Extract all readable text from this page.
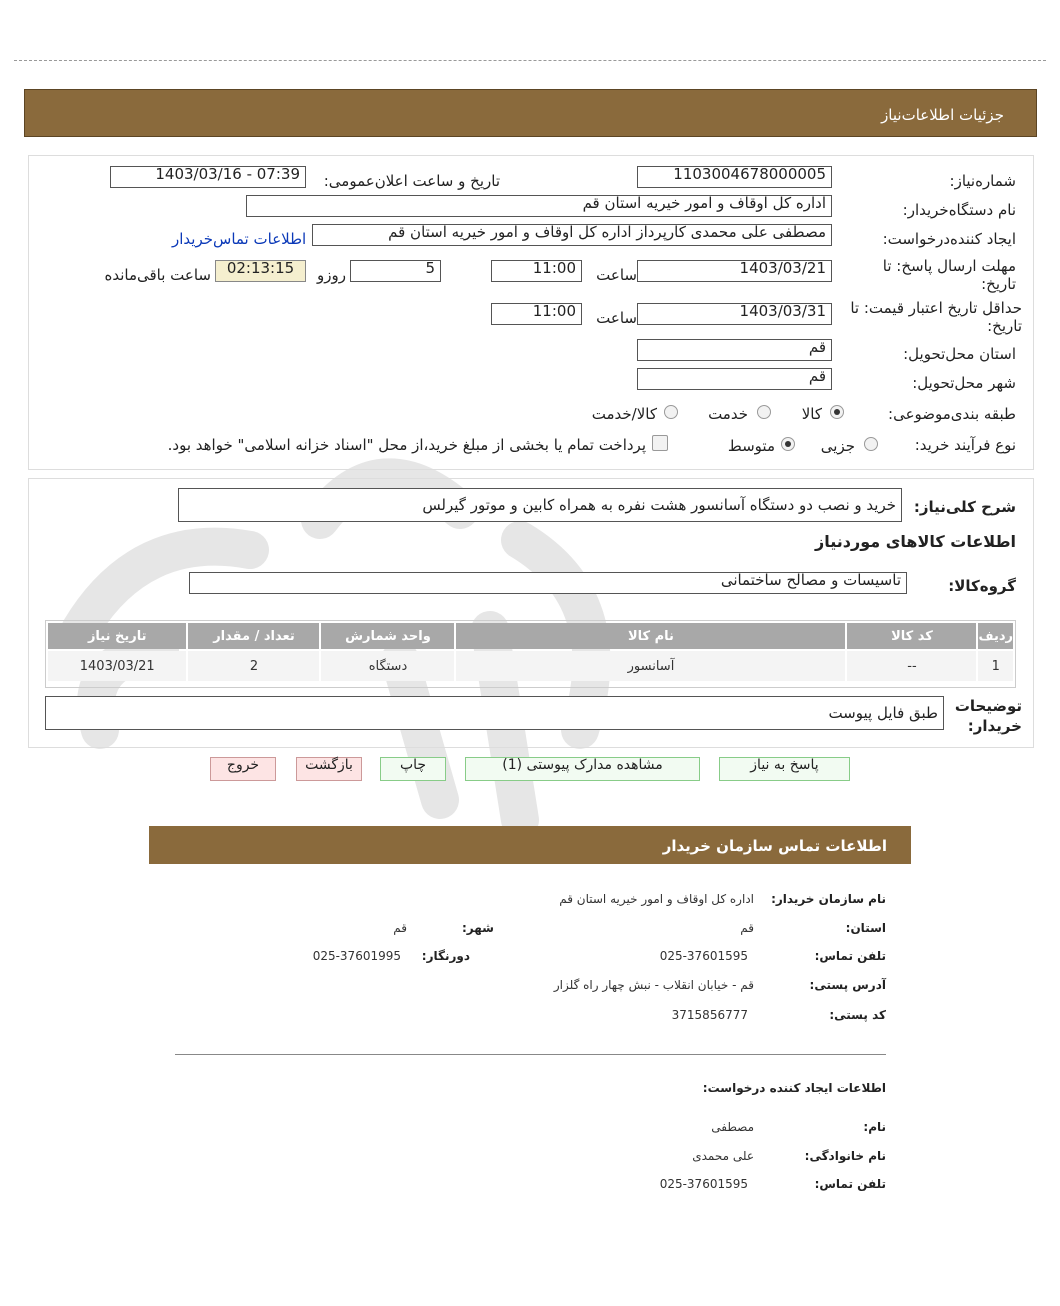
جزئیات اطلاعات‌نیاز
شماره‌نیاز:
1103004678000005
تاریخ و ساعت اعلان‌عمومی:
1403/03/16 - 07:39
نام دستگاه‌خریدار:
اداره کل اوقاف و امور خیریه استان قم
ایجاد کننده‌درخواست:
مصطفی علی محمدی کارپرداز اداره کل اوقاف و امور خیریه استان قم
اطلاعات تماس‌خریدار
مهلت ارسال پاسخ: تا تاریخ:
1403/03/21
ساعت
11:00
5
روزو
02:13:15
ساعت باقی‌مانده
حداقل تاریخ اعتبار قیمت: تا تاریخ:
1403/03/31
ساعت
11:00
استان محل‌تحویل:
قم
شهر محل‌تحویل:
قم
طبقه بندی‌موضوعی:
کالا
خدمت
کالا/خدمت
نوع فرآیند خرید:
جزیی
متوسط
پرداخت تمام یا بخشی از مبلغ خرید،از محل "اسناد خزانه اسلامی" خواهد بود.
شرح کلی‌نیاز:
خرید و نصب دو دستگاه آسانسور هشت نفره به همراه کابین و موتور گیرلس
اطلاعات کالاهای موردنیاز
گروه‌کالا:
تاسیسات و مصالح ساختمانی
ردیف	کد کالا	نام کالا	واحد شمارش	تعداد / مقدار	تاریخ نیاز
1	--	آسانسور	دستگاه	2	1403/03/21
توضیحات خریدار:
طبق فایل پیوست
پاسخ به نیاز
مشاهده مدارک پیوستی (1)
چاپ
بازگشت
خروج
اطلاعات تماس سازمان خریدار
نام سازمان خریدار:
اداره کل اوقاف و امور خیریه استان قم
استان:
قم
شهر:
قم
تلفن تماس:
025-37601595
دورنگار:
025-37601995
آدرس پستی:
قم - خیابان انقلاب - نبش چهار راه گلزار
کد پستی:
3715856777
اطلاعات ایجاد کننده درخواست:
نام:
مصطفی
نام خانوادگی:
علی محمدی
تلفن تماس:
025-37601595
